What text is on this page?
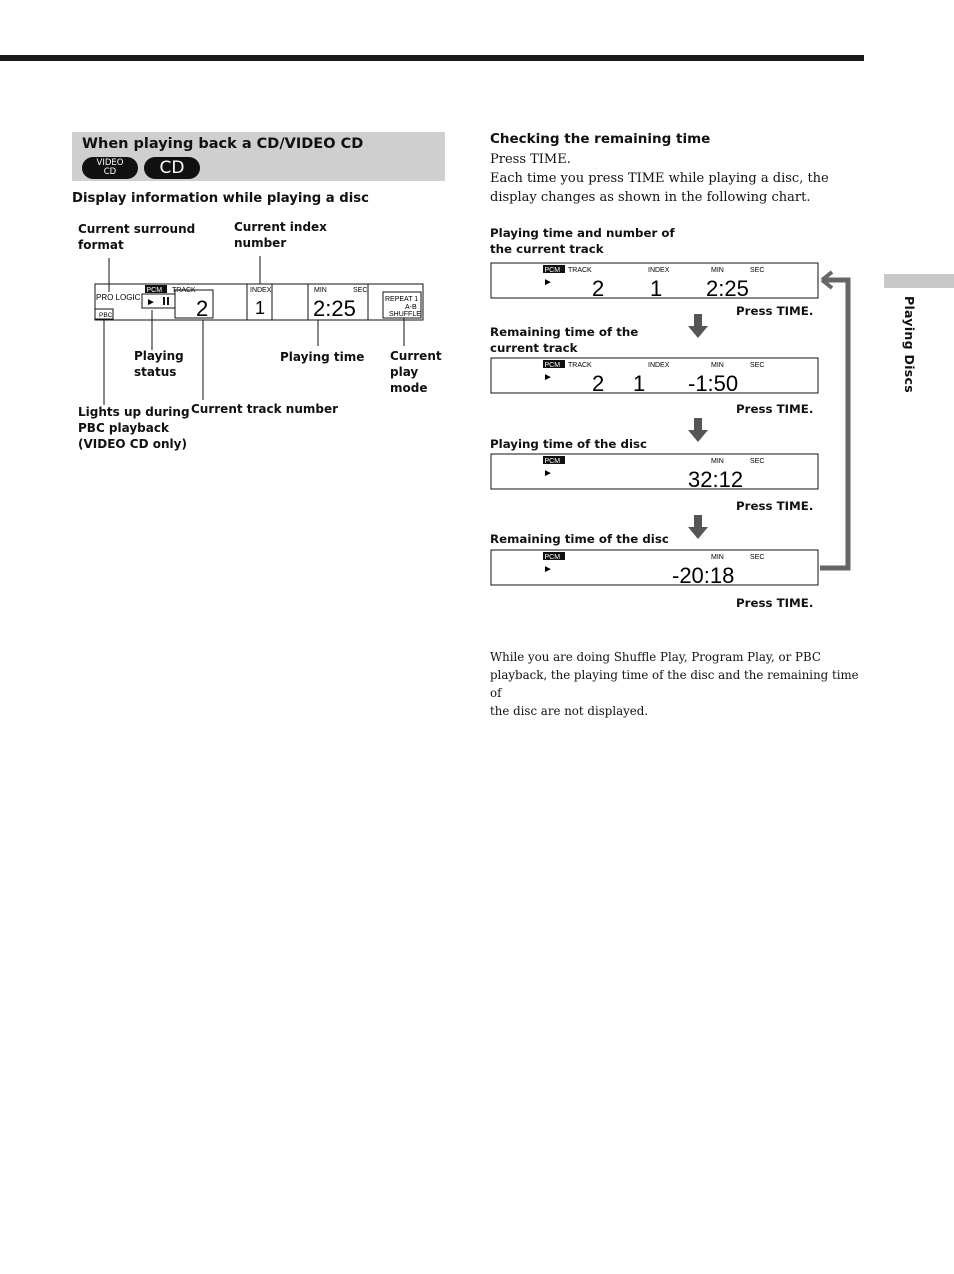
When playing back a CD/VIDEO CD
VIDEO
CD	CD
Display information while playing a disc
Current surround
format
Current index
number
Playing
status
Playing time Current
play
mode
Lights up during
PBC playback
(VIDEO CD only)
Current track number
PRO LOGIC
PCM TRACK
►
PBC
INDEX	MIN	SEC
REPEAT 1
A-B
SHUFFLE
2	1 2:25
Checking the remaining time
Press TIME.
Each time you press TIME while playing a disc, the
display changes as shown in the following chart.
Playing time and number of
the current track
Remaining time of the
current track
Playing time of the disc
Remaining time of the disc
Press TIME.
Press TIME.
Press TIME.
Press TIME.
PCM TRACK	INDEX	MIN	SEC
► 2 1 2:25
PCM TRACK	INDEX	MIN	SEC
► 2 1 -1:50
PCM	MIN	SEC
►	32:12
PCM	MIN	SEC
►	-20:18
While you are doing Shuffle Play, Program Play, or PBC
playback, the playing time of the disc and the remaining time of
the disc are not displayed.
Playing Discs
